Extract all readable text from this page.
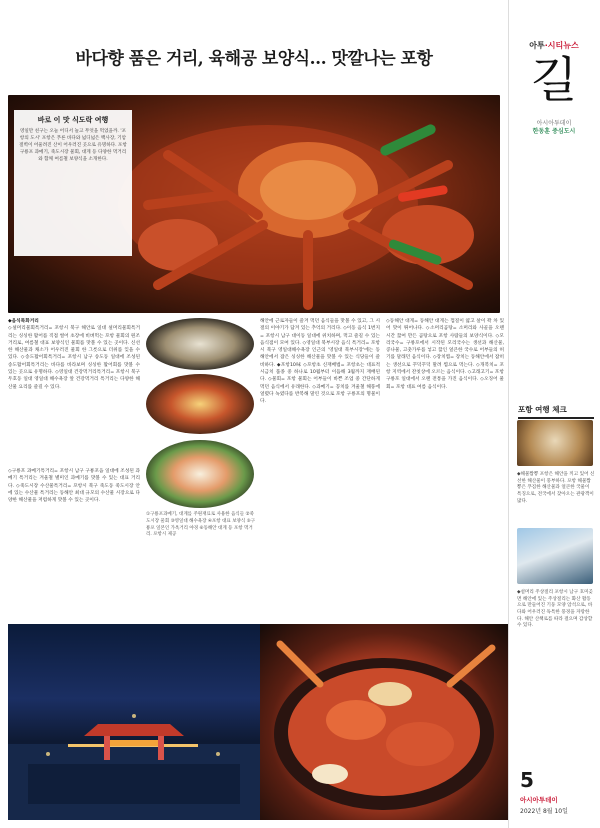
아투·시티뉴스
길
아시아투데이
한동훈 중심도시
바다향 품은 거리, 육해공 보양식… 맛깔나는 포항
바로 이 맛 식도락 여행
영일만 친구는 오늘 어디서 놀고 무엇을 먹었을까. '포항의 도시' 포항은 푸른 바다와 넓디넓은 백사장, 기암절벽이 어울려진 산이 어우러진 곳으로 유명하다. 포항 구룡포 과메기, 죽도시장 물회, 대게 등 다양한 먹거리와 함께 여름철 보양식을 소개한다.
◆음식특화거리
◇설머리물회특거리= 포항시 북구 해안로 일대 설머리물회특거리는 싱싱한 활어를 직접 썰어 초장에 비벼먹는 포항 물회의 원조 거리로, 여름철 대표 보양식인 물회를 맛볼 수 있는 곳이다. 신선한 해산물과 채소가 어우러진 물회 한 그릇으로 더위를 잊을 수 있다. ◇송도활어회특거리= 포항시 남구 송도동 일대에 조성된 송도활어회특거리는 바다를 바라보며 싱싱한 활어회를 맛볼 수 있는 곳으로 유명하다. ◇영일대 건강먹거리특거리= 포항시 북구 두호동 일대 영일대 해수욕장 앞 건강먹거리 특거리는 다양한 해산물 요리를 즐길 수 있다.
◇구룡포 과메기특거리= 포항시 남구 구룡포읍 일대에 조성된 과메기 특거리는 겨울철 별미인 과메기를 맛볼 수 있는 대표 거리다. ◇죽도시장 수산물특거리= 포항시 북구 죽도동 죽도시장 안에 있는 수산물 특거리는 동해안 최대 규모의 수산물 시장으로 다양한 해산물을 저렴하게 맛볼 수 있는 곳이다.
①구룡포과메기, 대게를 주원재료로 사용한 음식들 ②죽도시장 물회 ③영일대 해수욕장 ④포항 대표 보양식 ⑤구룡포 일본인 가옥거리 야경 ⑥동해안 대게 등 포항 먹거리. 포항시 제공
해안에 근로자들이 즐겨 먹던 음식들을 맛볼 수 있고, 그 시절의 이야기가 담겨 있는 추억의 거리다. ◇이동 음식 1번지= 포항시 남구 대이동 일대에 위치하며, 먹고 즐길 수 있는 음식점이 모여 있다. ◇영일대 북부시장 음식 특거리= 포항시 북구 영일대해수욕장 인근의 '영일대 북부시장'에는 동해안에서 잡은 싱싱한 해산물을 맛볼 수 있는 식당들이 즐비하다. ◆포항10味 ◇포항초 신재배법= 포항초는 대표적 시금치 품종 중 하나로 10월부터 이듬해 3월까지 재배된다. ◇물회= 포항 물회는 어부들이 바쁜 조업 중 간단하게 먹던 음식에서 유래한다. ◇과메기= 꽁치를 겨울철 해풍에 얼렸다 녹였다를 반복해 말린 것으로 포항 구룡포의 명물이다.
◇동해안 대게= 동해안 대게는 껍질이 얇고 살이 꽉 차 있어 맛이 뛰어나다. ◇소머리곰탕= 소머리와 사골을 오랜 시간 끓여 만든 곰탕으로 포항 사람들의 보양식이다. ◇모리국수= 구룡포에서 시작된 모리국수는 생선과 해산물, 콩나물, 고춧가루를 넣고 끓인 얼큰한 국수로 어부들의 허기를 달래던 음식이다. ◇장치찜= 장치는 동해안에서 잡히는 생선으로 꾸덕꾸덕 말려 찜으로 먹는다. ◇개복치= 포항 지역에서 잔칫상에 오르는 음식이다. ◇고래고기= 포항 구룡포 일대에서 오랜 전통을 가진 음식이다. ◇오징어 물회= 포항 대표 여름 음식이다.
포항 여행 체크
◆해물짬뽕 포항은 해안을 끼고 있어 신선한 해산물이 풍부하다. 포항 해물짬뽕은 푸짐한 해산물과 얼큰한 국물이 특징으로, 전국에서 찾아오는 관광객이 많다.
◆설머리 주상절리 포항시 남구 호미곶면 해안에 있는 주상절리는 화산 활동으로 만들어진 기둥 모양 암석으로, 바다와 어우러진 독특한 풍경을 자랑한다. 해안 산책로를 따라 걸으며 감상할 수 있다.
5
아시아투데이
2022년 8월 10일
